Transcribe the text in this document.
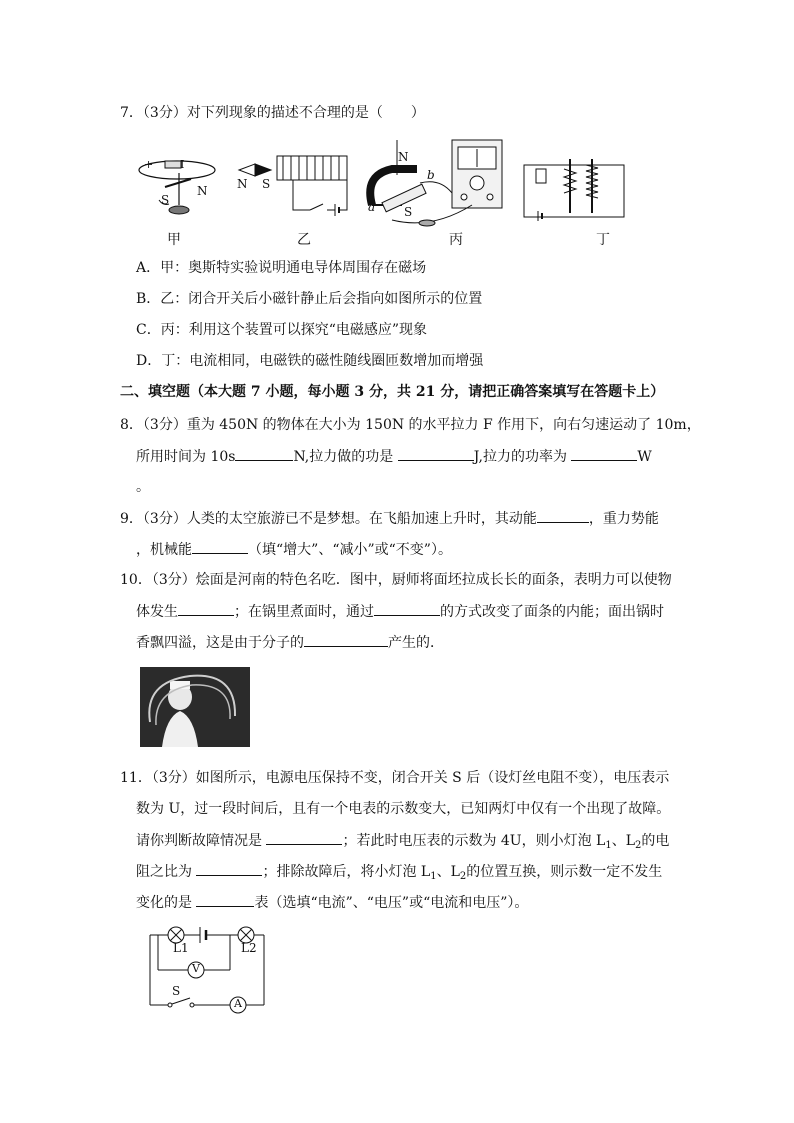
7．（3分）对下列现象的描述不合理的是（　　）
+ I
S
N N S
N
S
a
b
甲	乙	丙	丁
A．甲：奥斯特实验说明通电导体周围存在磁场
B．乙：闭合开关后小磁针静止后会指向如图所示的位置
C．丙：利用这个装置可以探究“电磁感应”现象
D．丁：电流相同，电磁铁的磁性随线圈匝数增加而增强
二、填空题（本大题 7 小题，每小题 3 分，共 21 分，请把正确答案填写在答题卡上）
8．（3分）重为 450N 的物体在大小为 150N 的水平拉力 F 作用下，向右匀速运动了 10m，
所用时间为 10s	N,拉力做的功是	J,拉力的功率为	W
。
9．（3分）人类的太空旅游已不是梦想。在飞船加速上升时，其动能	，重力势能
，机械能	（填“增大”、“减小”或“不变”）。
10．（3分）烩面是河南的特色名吃．图中，厨师将面坯拉成长长的面条，表明力可以使物
体发生	；在锅里煮面时，通过	的方式改变了面条的内能；面出锅时
香飘四溢，这是由于分子的	产生的．
11．（3分）如图所示，电源电压保持不变，闭合开关 S 后（设灯丝电阻不变），电压表示
数为 U，过一段时间后，且有一个电表的示数变大，已知两灯中仅有一个出现了故障。
请你判断故障情况是	；若此时电压表的示数为 4U，则小灯泡 $L_1$、$L_2$的电
阻之比为	；排除故障后，将小灯泡 $L_1$、$L_2$的位置互换，则示数一定不发生
变化的是	表（选填“电流”、“电压”或“电流和电压”）。
L1	L2
V
A
S
